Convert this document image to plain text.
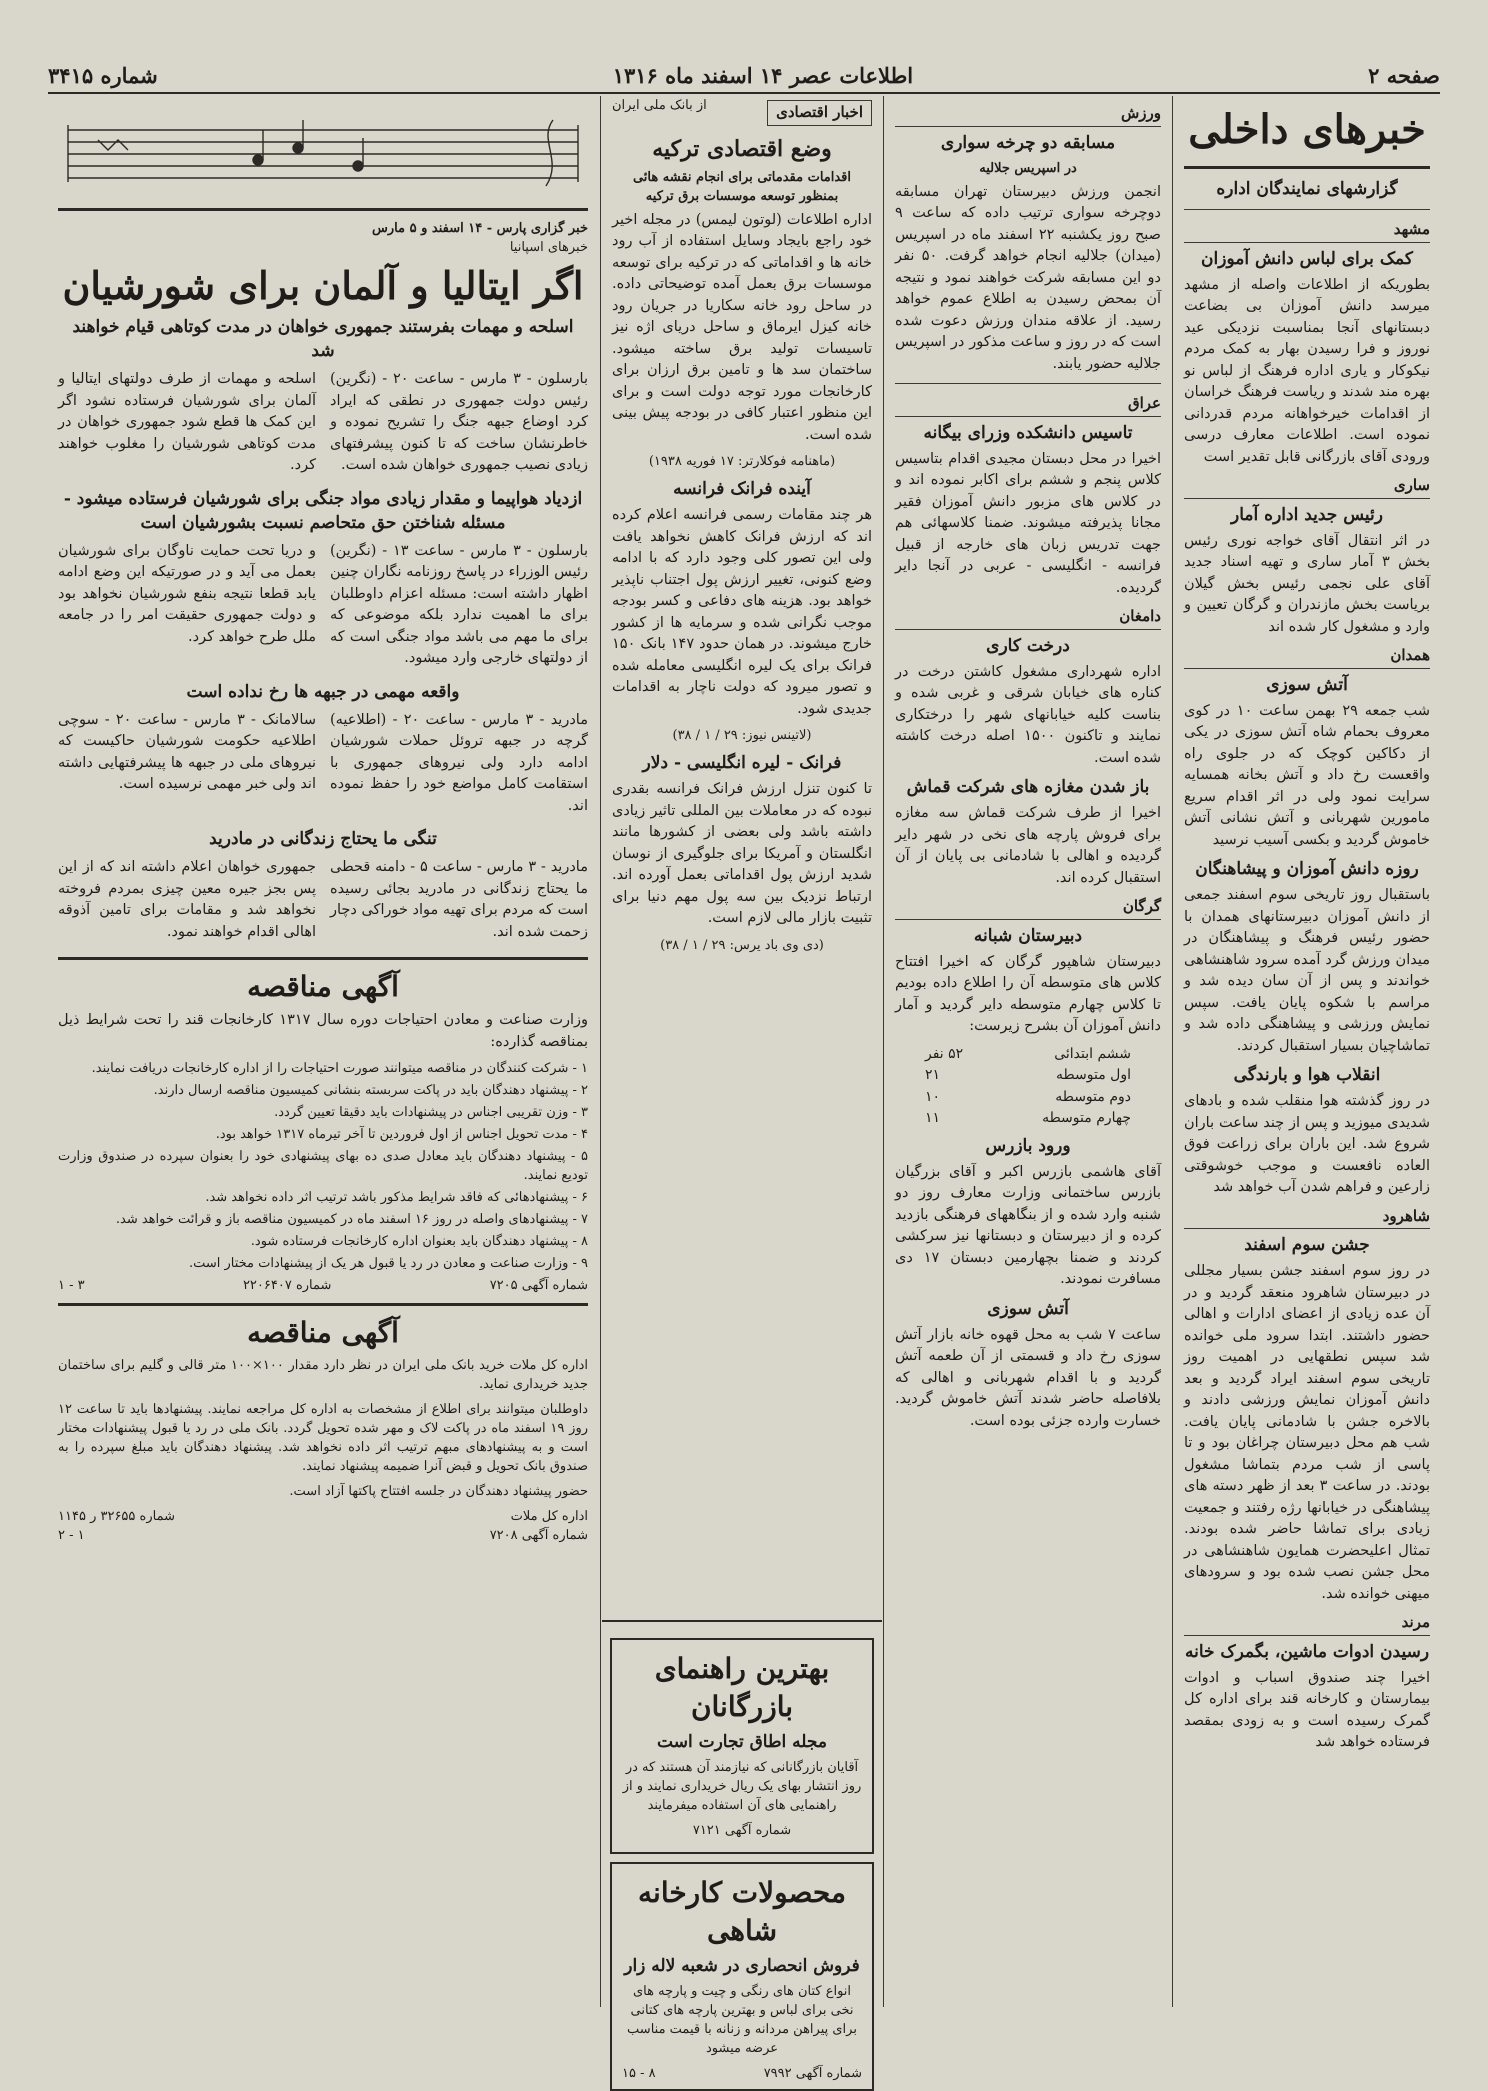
صفحه ۲
اطلاعات عصر ۱۴ اسفند ماه ۱۳۱۶
شماره ۳۴۱۵
خبرهای داخلی
گزارشهای نمایندگان اداره
مشهد
کمک برای لباس دانش آموزان

بطوریکه از اطلاعات واصله از مشهد میرسد دانش آموزان بی بضاعت دبستانهای آنجا بمناسبت نزدیکی عید نوروز و فرا رسیدن بهار به کمک مردم نیکوکار و یاری اداره فرهنگ از لباس نو بهره مند شدند و ریاست فرهنگ خراسان از اقدامات خیرخواهانه مردم قدردانی نموده است. اطلاعات معارف درسی ورودی آقای بازرگانی قابل تقدیر است

ساری
رئیس جدید اداره آمار

در اثر انتقال آقای خواجه نوری رئیس بخش ۳ آمار ساری و تهیه اسناد جدید آقای علی نجمی رئیس بخش گیلان بریاست بخش مازندران و گرگان تعیین و وارد و مشغول کار شده اند

همدان
آتش سوزی

شب جمعه ۲۹ بهمن ساعت ۱۰ در کوی معروف بحمام شاه آتش سوزی در یکی از دکاکین کوچک که در جلوی راه واقعست رخ داد و آتش بخانه همسایه سرایت نمود ولی در اثر اقدام سریع مامورین شهربانی و آتش نشانی آتش خاموش گردید و بکسی آسیب نرسید

روزه دانش آموزان و پیشاهنگان

باستقبال روز تاریخی سوم اسفند جمعی از دانش آموزان دبیرستانهای همدان با حضور رئیس فرهنگ و پیشاهنگان در میدان ورزش گرد آمده سرود شاهنشاهی خواندند و پس از آن سان دیده شد و مراسم با شکوه پایان یافت. سپس نمایش ورزشی و پیشاهنگی داده شد و تماشاچیان بسیار استقبال کردند.

انقلاب هوا و بارندگی

در روز گذشته هوا منقلب شده و بادهای شدیدی میوزید و پس از چند ساعت باران شروع شد. این باران برای زراعت فوق العاده نافعست و موجب خوشوقتی زارعین و فراهم شدن آب خواهد شد

شاهرود
جشن سوم اسفند

در روز سوم اسفند جشن بسیار مجللی در دبیرستان شاهرود منعقد گردید و در آن عده زیادی از اعضای ادارات و اهالی حضور داشتند. ابتدا سرود ملی خوانده شد سپس نطقهایی در اهمیت روز تاریخی سوم اسفند ایراد گردید و بعد دانش آموزان نمایش ورزشی دادند و بالاخره جشن با شادمانی پایان یافت. شب هم محل دبیرستان چراغان بود و تا پاسی از شب مردم بتماشا مشغول بودند. در ساعت ۳ بعد از ظهر دسته های پیشاهنگی در خیابانها رژه رفتند و جمعیت زیادی برای تماشا حاضر شده بودند. تمثال اعلیحضرت همایون شاهنشاهی در محل جشن نصب شده بود و سرودهای میهنی خوانده شد.

مرند
رسیدن ادوات ماشین، بگمرک خانه

اخیرا چند صندوق اسباب و ادوات بیمارستان و کارخانه قند برای اداره کل گمرک رسیده است و به زودی بمقصد فرستاده خواهد شد

ورزش
مسابقه دو چرخه سواری
در اسپریس جلالیه

انجمن ورزش دبیرستان تهران مسابقه دوچرخه سواری ترتیب داده که ساعت ۹ صبح روز یکشنبه ۲۲ اسفند ماه در اسپریس (میدان) جلالیه انجام خواهد گرفت. ۵۰ نفر دو این مسابقه شرکت خواهند نمود و نتیجه آن بمحض رسیدن به اطلاع عموم خواهد رسید. از علاقه مندان ورزش دعوت شده است که در روز و ساعت مذکور در اسپریس جلالیه حضور یابند.

عراق
تاسیس دانشکده وزرای بیگانه

اخیرا در محل دبستان مجیدی اقدام بتاسیس کلاس پنجم و ششم برای اکابر نموده اند و در کلاس های مزبور دانش آموزان فقیر مجانا پذیرفته میشوند. ضمنا کلاسهائی هم جهت تدریس زبان های خارجه از قبیل فرانسه - انگلیسی - عربی در آنجا دایر گردیده.

دامغان
درخت کاری

اداره شهرداری مشغول کاشتن درخت در کناره های خیابان شرقی و غربی شده و بناست کلیه خیابانهای شهر را درختکاری نمایند و تاکنون ۱۵۰۰ اصله درخت کاشته شده است.

باز شدن مغازه های شرکت قماش

اخیرا از طرف شرکت قماش سه مغازه برای فروش پارچه های نخی در شهر دایر گردیده و اهالی با شادمانی بی پایان از آن استقبال کرده اند.

گرگان
دبیرستان شبانه

دبیرستان شاهپور گرگان که اخیرا افتتاح کلاس های متوسطه آن را اطلاع داده بودیم تا کلاس چهارم متوسطه دایر گردید و آمار دانش آموزان آن بشرح زیرست:

ششم ابتدائی
۵۲ نفر
اول متوسطه
۲۱
دوم متوسطه
۱۰
چهارم متوسطه
۱۱
ورود بازرس

آقای هاشمی بازرس اکبر و آقای بزرگیان بازرس ساختمانی وزارت معارف روز دو شنبه وارد شده و از بنگاههای فرهنگی بازدید کرده و از دبیرستان و دبستانها نیز سرکشی کردند و ضمنا بچهارمین دبستان ۱۷ دی مسافرت نمودند.

آتش سوزی

ساعت ۷ شب به محل قهوه خانه بازار آتش سوزی رخ داد و قسمتی از آن طعمه آتش گردید و با اقدام شهربانی و اهالی که بلافاصله حاضر شدند آتش خاموش گردید. خسارت وارده جزئی بوده است.

اخبار اقتصادی
از بانک ملی ایران
وضع اقتصادی ترکیه
اقدامات مقدماتی برای انجام نقشه هائی بمنظور توسعه موسسات برق ترکیه

اداره اطلاعات (لوتون لیمس) در مجله اخیر خود راجع بایجاد وسایل استفاده از آب رود خانه ها و اقداماتی که در ترکیه برای توسعه موسسات برق بعمل آمده توضیحاتی داده. در ساحل رود خانه سکاریا در جریان رود خانه کیزل ایرماق و ساحل دریای اژه نیز تاسیسات تولید برق ساخته میشود. ساختمان سد ها و تامین برق ارزان برای کارخانجات مورد توجه دولت است و برای این منظور اعتبار کافی در بودجه پیش بینی شده است.

(ماهنامه فوکلارتر: ۱۷ فوریه ۱۹۳۸)

آینده فرانک فرانسه

هر چند مقامات رسمی فرانسه اعلام کرده اند که ارزش فرانک کاهش نخواهد یافت ولی این تصور کلی وجود دارد که با ادامه وضع کنونی، تغییر ارزش پول اجتناب ناپذیر خواهد بود. هزینه های دفاعی و کسر بودجه موجب نگرانی شده و سرمایه ها از کشور خارج میشوند. در همان حدود ۱۴۷ بانک ۱۵۰ فرانک برای یک لیره انگلیسی معامله شده و تصور میرود که دولت ناچار به اقدامات جدیدی شود.

(لاتینس نیوز: ۲۹ / ۱ / ۳۸)

فرانک - لیره انگلیسی - دلار

تا کنون تنزل ارزش فرانک فرانسه بقدری نبوده که در معاملات بین المللی تاثیر زیادی داشته باشد ولی بعضی از کشورها مانند انگلستان و آمریکا برای جلوگیری از نوسان شدید ارزش پول اقداماتی بعمل آورده اند. ارتباط نزدیک بین سه پول مهم دنیا برای تثبیت بازار مالی لازم است.

(دی وی باد یرس: ۲۹ / ۱ / ۳۸)

بهترین راهنمای بازرگانان
مجله اطاق تجارت است

آقایان بازرگانانی که نیازمند آن هستند که در روز انتشار بهای یک ریال خریداری نمایند و از راهنمایی های آن استفاده میفرمایند

شماره آگهی ۷۱۲۱

محصولات کارخانه شاهی
فروش انحصاری در شعبه لاله زار

انواع کتان های رنگی و چیت و پارچه های نخی برای لباس و بهترین پارچه های کتانی برای پیراهن مردانه و زنانه با قیمت مناسب عرضه میشود

شماره آگهی ۷۹۹۲
۸ - ۱۵
خبر گزاری پارس - ۱۴ اسفند و ۵ مارس
خبرهای اسپانیا
اگر ایتالیا و آلمان برای شورشیان
اسلحه و مهمات بفرستند جمهوری خواهان در مدت کوتاهی قیام خواهند شد

بارسلون - ۳ مارس - ساعت ۲۰ - (نگرین) رئیس دولت جمهوری در نطقی که ایراد کرد اوضاع جبهه جنگ را تشریح نموده و خاطرنشان ساخت که تا کنون پیشرفتهای زیادی نصیب جمهوری خواهان شده است.

اسلحه و مهمات از طرف دولتهای ایتالیا و آلمان برای شورشیان فرستاده نشود اگر این کمک ها قطع شود جمهوری خواهان در مدت کوتاهی شورشیان را مغلوب خواهند کرد.

ازدیاد هواپیما و مقدار زیادی مواد جنگی برای شورشیان فرستاده میشود - مسئله شناختن حق متحاصم نسبت بشورشیان است

بارسلون - ۳ مارس - ساعت ۱۳ - (نگرین) رئیس الوزراء در پاسخ روزنامه نگاران چنین اظهار داشته است: مسئله اعزام داوطلبان برای ما اهمیت ندارد بلکه موضوعی که برای ما مهم می باشد مواد جنگی است که از دولتهای خارجی وارد میشود.

و دریا تحت حمایت ناوگان برای شورشیان بعمل می آید و در صورتیکه این وضع ادامه یابد قطعا نتیجه بنفع شورشیان نخواهد بود و دولت جمهوری حقیقت امر را در جامعه ملل طرح خواهد کرد.

واقعه مهمی در جبهه ها رخ نداده است

مادرید - ۳ مارس - ساعت ۲۰ - (اطلاعیه) گرچه در جبهه تروئل حملات شورشیان ادامه دارد ولی نیروهای جمهوری با استقامت کامل مواضع خود را حفظ نموده اند.

سالامانک - ۳ مارس - ساعت ۲۰ - سوچی اطلاعیه حکومت شورشیان حاکیست که نیروهای ملی در جبهه ها پیشرفتهایی داشته اند ولی خبر مهمی نرسیده است.

تنگی ما یحتاج زندگانی در مادرید

مادرید - ۳ مارس - ساعت ۵ - دامنه قحطی ما یحتاج زندگانی در مادرید بجائی رسیده است که مردم برای تهیه مواد خوراکی دچار زحمت شده اند.

جمهوری خواهان اعلام داشته اند که از این پس بجز جیره معین چیزی بمردم فروخته نخواهد شد و مقامات برای تامین آذوقه اهالی اقدام خواهند نمود.

آگهی مناقصه

وزارت صناعت و معادن احتیاجات دوره سال ۱۳۱۷ کارخانجات قند را تحت شرایط ذیل بمناقصه گذارده:

۱ - شرکت کنندگان در مناقصه میتوانند صورت احتیاجات را از اداره کارخانجات دریافت نمایند.

۲ - پیشنهاد دهندگان باید در پاکت سربسته بنشانی کمیسیون مناقصه ارسال دارند.

۳ - وزن تقریبی اجناس در پیشنهادات باید دقیقا تعیین گردد.

۴ - مدت تحویل اجناس از اول فروردین تا آخر تیرماه ۱۳۱۷ خواهد بود.

۵ - پیشنهاد دهندگان باید معادل صدی ده بهای پیشنهادی خود را بعنوان سپرده در صندوق وزارت تودیع نمایند.

۶ - پیشنهادهائی که فاقد شرایط مذکور باشد ترتیب اثر داده نخواهد شد.

۷ - پیشنهادهای واصله در روز ۱۶ اسفند ماه در کمیسیون مناقصه باز و قرائت خواهد شد.

۸ - پیشنهاد دهندگان باید بعنوان اداره کارخانجات فرستاده شود.

۹ - وزارت صناعت و معادن در رد یا قبول هر یک از پیشنهادات مختار است.

شماره آگهی ۷۲۰۵
شماره ۲۲۰۶۴۰۷
۳ - ۱
آگهی مناقصه

اداره کل ملات خرید بانک ملی ایران در نظر دارد مقدار ۱۰۰×۱۰۰ متر قالی و گلیم برای ساختمان جدید خریداری نماید.

داوطلبان میتوانند برای اطلاع از مشخصات به اداره کل مراجعه نمایند. پیشنهادها باید تا ساعت ۱۲ روز ۱۹ اسفند ماه در پاکت لاک و مهر شده تحویل گردد. بانک ملی در رد یا قبول پیشنهادات مختار است و به پیشنهادهای مبهم ترتیب اثر داده نخواهد شد. پیشنهاد دهندگان باید مبلغ سپرده را به صندوق بانک تحویل و قبض آنرا ضمیمه پیشنهاد نمایند.

حضور پیشنهاد دهندگان در جلسه افتتاح پاکتها آزاد است.

اداره کل ملات
شماره ۳۲۶۵۵ ر ۱۱۴۵
شماره آگهی ۷۲۰۸
۱ - ۲
